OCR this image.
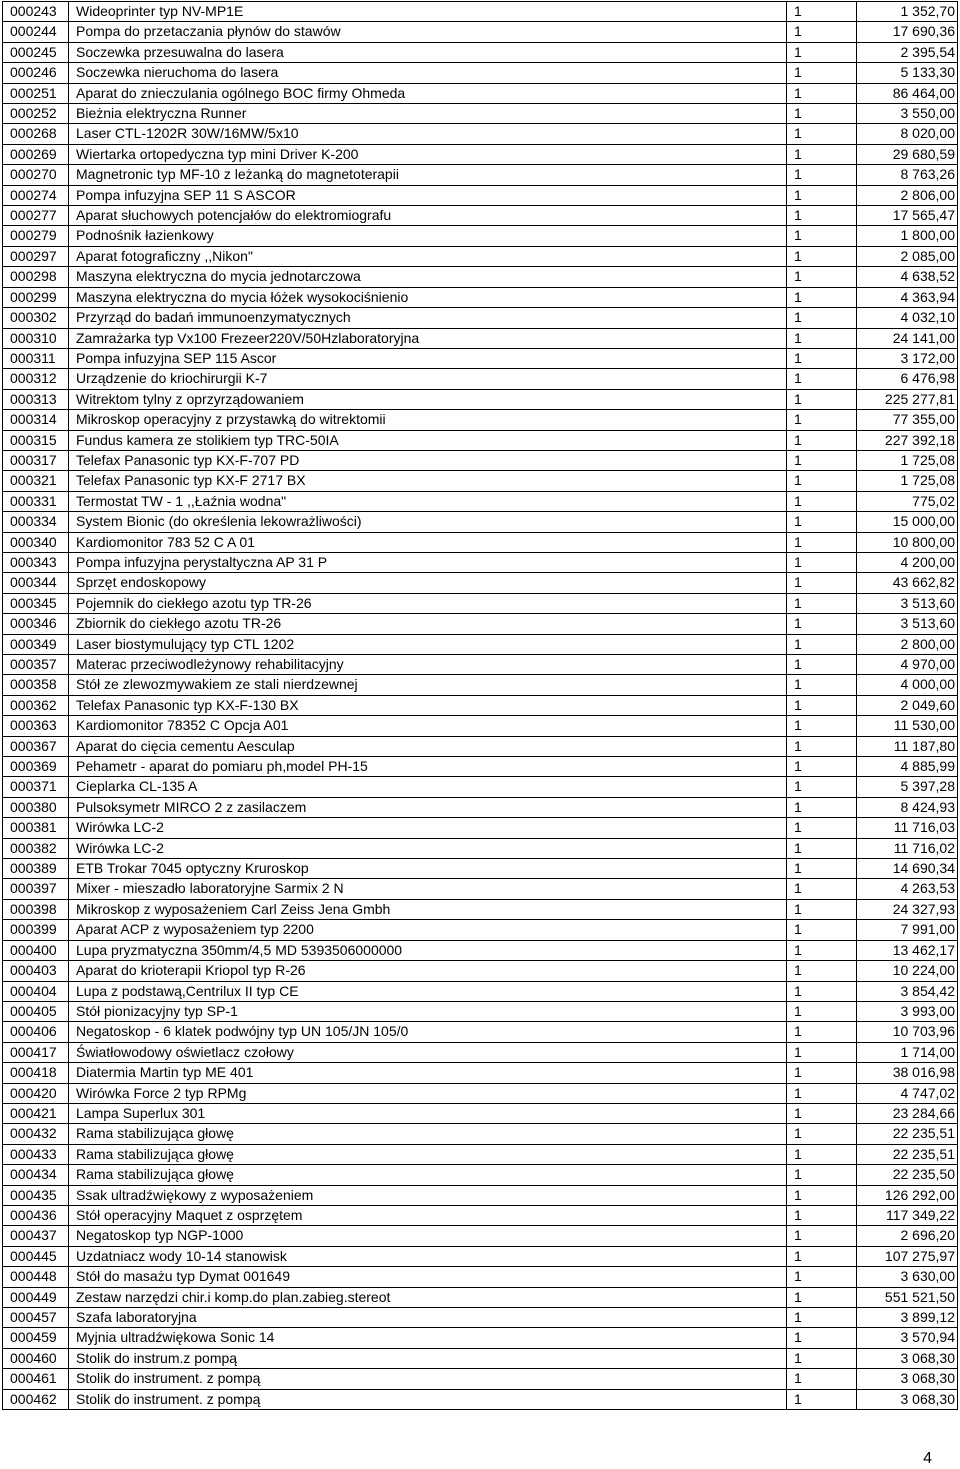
000243	Wideoprinter typ NV-MP1E	1	1 352,70
000244	Pompa do przetaczania płynów do stawów	1	17 690,36
000245	Soczewka przesuwalna do lasera	1	2 395,54
000246	Soczewka nieruchoma do lasera	1	5 133,30
000251	Aparat do znieczulania ogólnego BOC firmy Ohmeda	1	86 464,00
000252	Bieżnia elektryczna Runner	1	3 550,00
000268	Laser CTL-1202R 30W/16MW/5x10	1	8 020,00
000269	Wiertarka ortopedyczna typ mini Driver K-200	1	29 680,59
000270	Magnetronic typ MF-10 z leżanką do magnetoterapii	1	8 763,26
000274	Pompa infuzyjna SEP 11 S ASCOR	1	2 806,00
000277	Aparat słuchowych potencjałów do elektromiografu	1	17 565,47
000279	Podnośnik łazienkowy	1	1 800,00
000297	Aparat fotograficzny ,,Nikon"	1	2 085,00
000298	Maszyna elektryczna do mycia jednotarczowa	1	4 638,52
000299	Maszyna elektryczna do mycia łóżek wysokociśnienio	1	4 363,94
000302	Przyrząd do badań immunoenzymatycznych	1	4 032,10
000310	Zamrażarka typ Vx100 Frezeer220V/50Hzlaboratoryjna	1	24 141,00
000311	Pompa infuzyjna SEP 115 Ascor	1	3 172,00
000312	Urządzenie do kriochirurgii K-7	1	6 476,98
000313	Witrektom tylny z oprzyrządowaniem	1	225 277,81
000314	Mikroskop operacyjny z przystawką do witrektomii	1	77 355,00
000315	Fundus kamera ze stolikiem typ TRC-50IA	1	227 392,18
000317	Telefax Panasonic typ KX-F-707 PD	1	1 725,08
000321	Telefax Panasonic typ KX-F 2717 BX	1	1 725,08
000331	Termostat TW - 1 ,,Łaźnia wodna"	1	775,02
000334	System Bionic (do określenia lekowrażliwości)	1	15 000,00
000340	Kardiomonitor 783 52 C A 01	1	10 800,00
000343	Pompa infuzyjna perystaltyczna AP 31 P	1	4 200,00
000344	Sprzęt endoskopowy	1	43 662,82
000345	Pojemnik do ciekłego azotu typ TR-26	1	3 513,60
000346	Zbiornik do ciekłego azotu TR-26	1	3 513,60
000349	Laser biostymulujący typ CTL 1202	1	2 800,00
000357	Materac przeciwodleżynowy rehabilitacyjny	1	4 970,00
000358	Stół ze zlewozmywakiem ze stali nierdzewnej	1	4 000,00
000362	Telefax Panasonic typ KX-F-130 BX	1	2 049,60
000363	Kardiomonitor 78352 C Opcja A01	1	11 530,00
000367	Aparat do cięcia cementu Aesculap	1	11 187,80
000369	Pehametr - aparat do pomiaru ph,model PH-15	1	4 885,99
000371	Cieplarka CL-135 A	1	5 397,28
000380	Pulsoksymetr MIRCO 2 z zasilaczem	1	8 424,93
000381	Wirówka LC-2	1	11 716,03
000382	Wirówka LC-2	1	11 716,02
000389	ETB Trokar 7045 optyczny Kruroskop	1	14 690,34
000397	Mixer - mieszadło laboratoryjne Sarmix 2 N	1	4 263,53
000398	Mikroskop z wyposażeniem Carl Zeiss Jena Gmbh	1	24 327,93
000399	Aparat ACP z wyposażeniem typ 2200	1	7 991,00
000400	Lupa pryzmatyczna 350mm/4,5 MD 5393506000000	1	13 462,17
000403	Aparat do krioterapii Kriopol typ R-26	1	10 224,00
000404	Lupa z podstawą,Centrilux II typ CE	1	3 854,42
000405	Stół pionizacyjny typ SP-1	1	3 993,00
000406	Negatoskop - 6 klatek podwójny typ UN 105/JN 105/0	1	10 703,96
000417	Światłowodowy oświetlacz czołowy	1	1 714,00
000418	Diatermia Martin typ ME 401	1	38 016,98
000420	Wirówka Force 2 typ RPMg	1	4 747,02
000421	Lampa Superlux 301	1	23 284,66
000432	Rama stabilizująca głowę	1	22 235,51
000433	Rama stabilizująca głowę	1	22 235,51
000434	Rama stabilizująca głowę	1	22 235,50
000435	Ssak ultradźwiękowy z wyposażeniem	1	126 292,00
000436	Stół operacyjny Maquet z osprzętem	1	117 349,22
000437	Negatoskop typ NGP-1000	1	2 696,20
000445	Uzdatniacz wody 10-14 stanowisk	1	107 275,97
000448	Stół do masażu typ Dymat 001649	1	3 630,00
000449	Zestaw narzędzi chir.i komp.do plan.zabieg.stereot	1	551 521,50
000457	Szafa laboratoryjna	1	3 899,12
000459	Myjnia ultradźwiękowa Sonic 14	1	3 570,94
000460	Stolik do instrum.z pompą	1	3 068,30
000461	Stolik do instrument. z pompą	1	3 068,30
000462	Stolik do instrument. z pompą	1	3 068,30
4
